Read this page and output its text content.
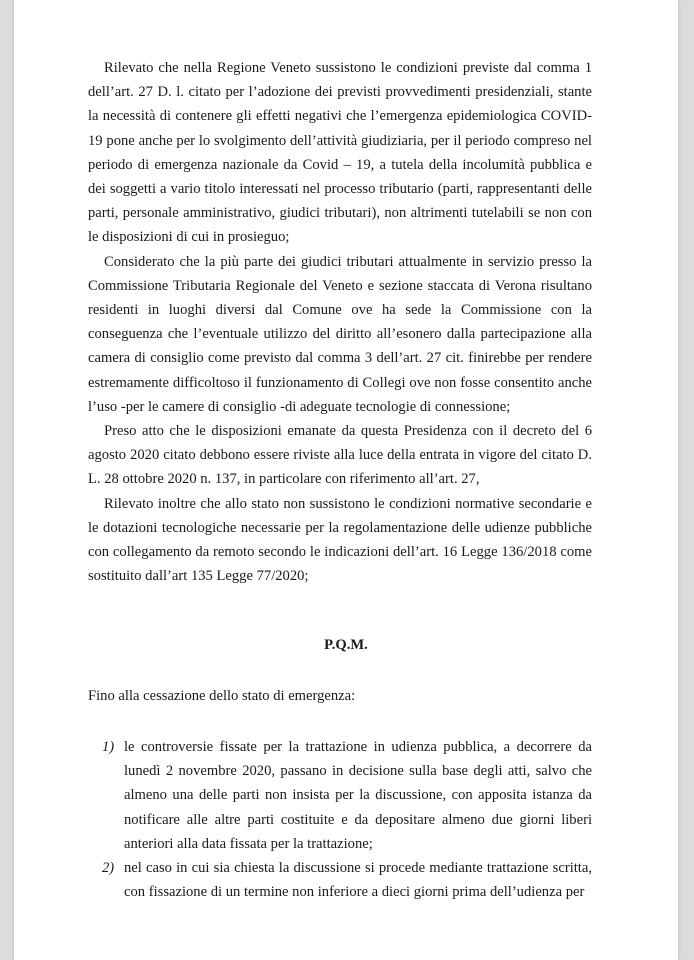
Rilevato che nella Regione Veneto sussistono le condizioni previste dal comma 1 dell’art. 27 D. l. citato per l’adozione dei previsti provvedimenti presidenziali, stante la necessità di contenere gli effetti negativi che l’emergenza epidemiologica COVID-19 pone anche per lo svolgimento dell’attività giudiziaria, per il periodo compreso nel periodo di emergenza nazionale da Covid – 19, a tutela della incolumità pubblica e dei soggetti a vario titolo interessati nel processo tributario (parti, rappresentanti delle parti, personale amministrativo, giudici tributari), non altrimenti tutelabili se non con le disposizioni di cui in prosieguo;

Considerato che la più parte dei giudici tributari attualmente in servizio presso la Commissione Tributaria Regionale del Veneto e sezione staccata di Verona risultano residenti in luoghi diversi dal Comune ove ha sede la Commissione con la conseguenza che l’eventuale utilizzo del diritto all’esonero dalla partecipazione alla camera di consiglio come previsto dal comma 3 dell’art. 27 cit. finirebbe per rendere estremamente difficoltoso il funzionamento di Collegi ove non fosse consentito anche l’uso -per le camere di consiglio -di adeguate tecnologie di connessione;

Preso atto che le disposizioni emanate da questa Presidenza con il decreto del 6 agosto 2020 citato debbono essere riviste alla luce della entrata in vigore del citato D. L. 28 ottobre 2020 n. 137, in particolare con riferimento all’art. 27,

Rilevato inoltre che allo stato non sussistono le condizioni normative secondarie e le dotazioni tecnologiche necessarie per la regolamentazione delle udienze pubbliche con collegamento da remoto secondo le indicazioni dell’art. 16 Legge 136/2018 come sostituito dall’art 135 Legge 77/2020;

P.Q.M.
Fino alla cessazione dello stato di emergenza:
1) le controversie fissate per la trattazione in udienza pubblica, a decorrere da lunedì 2 novembre 2020, passano in decisione sulla base degli atti, salvo che almeno una delle parti non insista per la discussione, con apposita istanza da notificare alle altre parti costituite e da depositare almeno due giorni liberi anteriori alla data fissata per la trattazione;
2) nel caso in cui sia chiesta la discussione si procede mediante trattazione scritta, con fissazione di un termine non inferiore a dieci giorni prima dell’udienza per
